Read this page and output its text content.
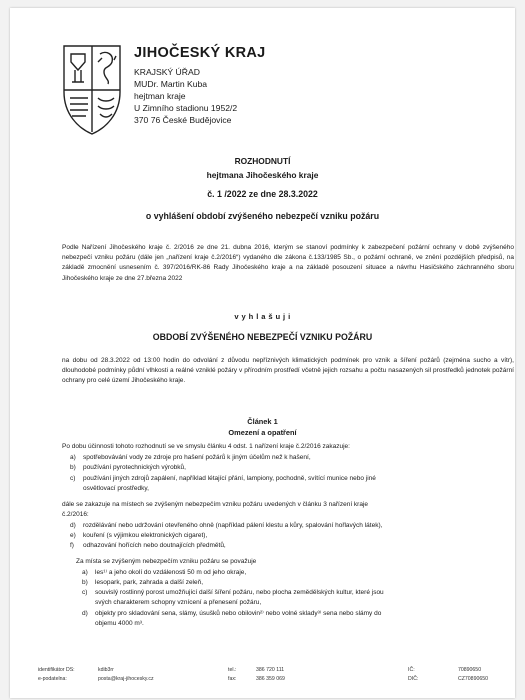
JIHOČESKÝ KRAJ
KRAJSKÝ ÚŘAD
MUDr. Martin Kuba
hejtman kraje
U Zimního stadionu 1952/2
370 76 České Budějovice
ROZHODNUTÍ
hejtmana Jihočeského kraje
č. 1 /2022 ze dne 28.3.2022
o vyhlášení období zvýšeného nebezpečí vzniku požáru
Podle Nařízení Jihočeského kraje č. 2/2016 ze dne 21. dubna 2016, kterým se stanoví podmínky k zabezpečení požární ochrany v době zvýšeného nebezpečí vzniku požáru (dále jen „nařízení kraje č.2/2016“) vydaného dle zákona č.133/1985 Sb., o požární ochraně, ve znění pozdějších předpisů, na základě zmocnění usnesením č. 397/2016/RK-86 Rady Jihočeského kraje a na základě posouzení situace a návrhu Hasičského záchranného sboru Jihočeského kraje ze dne 27.března 2022
v y h l a š u j i
OBDOBÍ ZVÝŠENÉHO NEBEZPEČÍ VZNIKU POŽÁRU
na dobu od 28.3.2022 od 13:00 hodin do odvolání z důvodu nepříznivých klimatických podmínek pro vznik a šíření požárů (zejména sucho a vítr), dlouhodobé podmínky půdní vlhkosti a reálné vzniklé požáry v přírodním prostředí včetně jejich rozsahu a počtu nasazených sil prostředků jednotek požární ochrany pro celé území Jihočeského kraje.
Článek 1
Omezení a opatření
Po dobu účinnosti tohoto rozhodnutí se ve smyslu článku 4 odst. 1 nařízení kraje č.2/2016 zakazuje:
a) spotřebovávání vody ze zdroje pro hašení požárů k jiným účelům než k hašení,
b) používání pyrotechnických výrobků,
c) používání jiných zdrojů zapálení, například létající přání, lampiony, pochodně, svítící munice nebo jiné
osvětlovací prostředky,
dále se zakazuje na místech se zvýšeným nebezpečím vzniku požáru uvedených v článku 3 nařízení kraje
č.2/2016:
d) rozdělávání nebo udržování otevřeného ohně (například pálení klestu a kůry, spalování hořlavých látek),
e) kouření (s výjimkou elektronických cigaret),
f) odhazování hořících nebo doutnajících předmětů,
Za místa se zvýšeným nebezpečím vzniku požáru se považuje
a) les¹⁾ a jeho okolí do vzdálenosti 50 m od jeho okraje,
b) lesopark, park, zahrada a další zeleň,
c) souvislý rostlinný porost umožňující další šíření požáru, nebo plocha zemědělských kultur, které jsou
svých charakterem schopny vznícení a přenesení požáru,
d) objekty pro skladování sena, slámy, úsušků nebo obilovin²⁾ nebo volné sklady³⁾ sena nebo slámy do
objemu 4000 m³.
identifikátor DS:
e-podatelna:
kdib3rr
posta@kraj-jihocesky.cz
tel.:
fax:
386 720 111
386 359 069
IČ:
DIČ:
70890650
CZ70890650
